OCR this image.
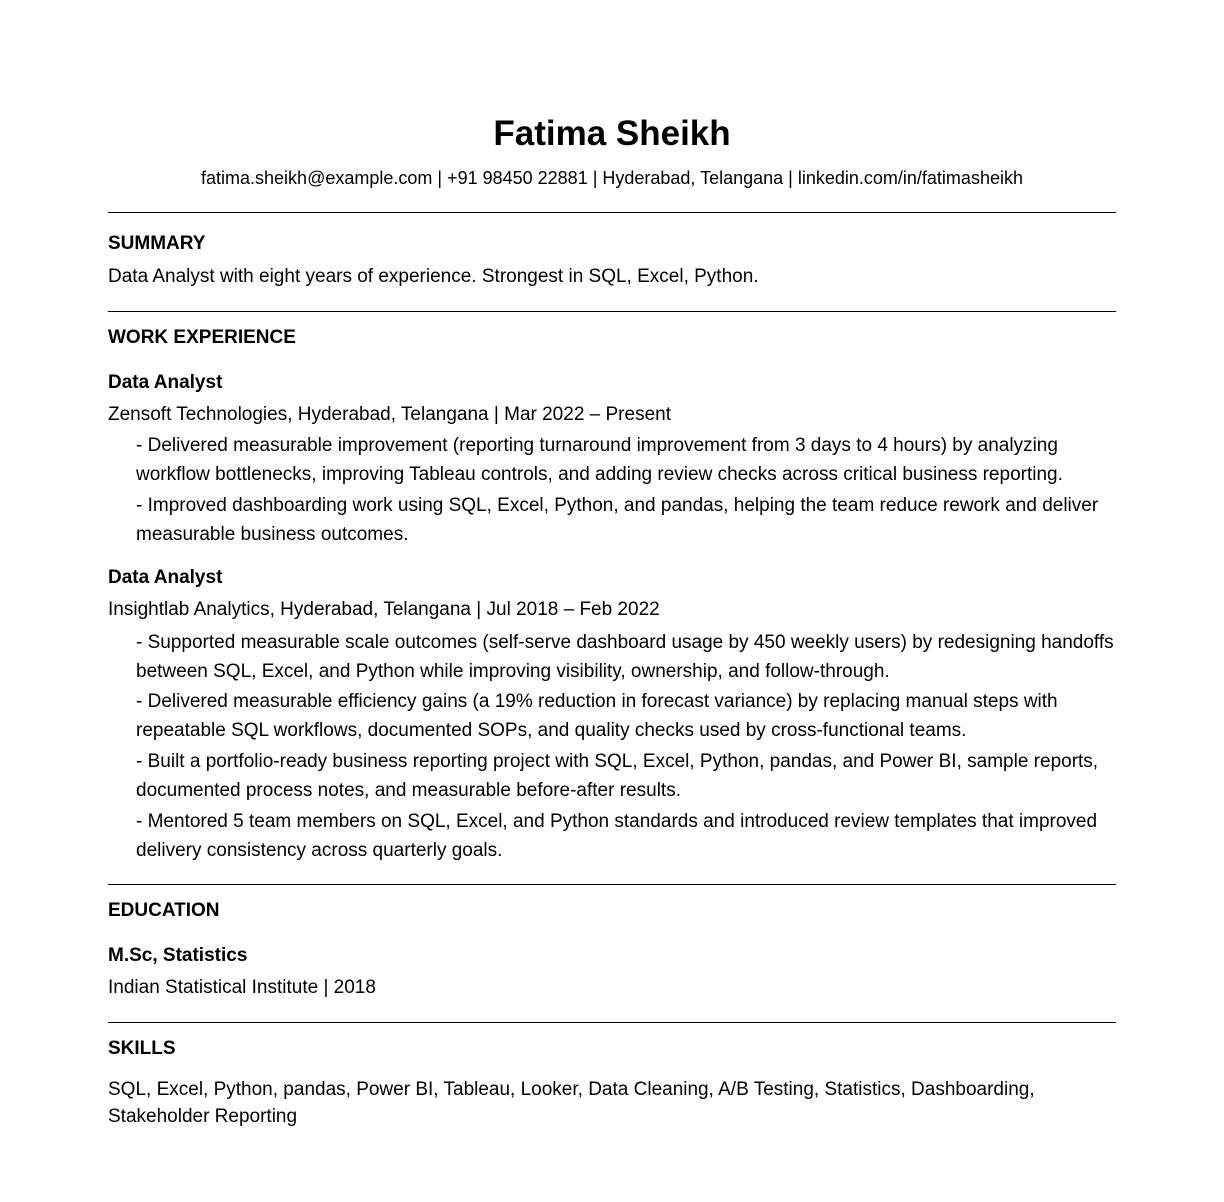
Fatima Sheikh
fatima.sheikh@example.com | +91 98450 22881 | Hyderabad, Telangana | linkedin.com/in/fatimasheikh
SUMMARY
Data Analyst with eight years of experience. Strongest in SQL, Excel, Python.
WORK EXPERIENCE
Data Analyst
Zensoft Technologies, Hyderabad, Telangana | Mar 2022 – Present
- Delivered measurable improvement (reporting turnaround improvement from 3 days to 4 hours) by analyzing workflow bottlenecks, improving Tableau controls, and adding review checks across critical business reporting.
- Improved dashboarding work using SQL, Excel, Python, and pandas, helping the team reduce rework and deliver measurable business outcomes.
Data Analyst
Insightlab Analytics, Hyderabad, Telangana | Jul 2018 – Feb 2022
- Supported measurable scale outcomes (self-serve dashboard usage by 450 weekly users) by redesigning handoffs between SQL, Excel, and Python while improving visibility, ownership, and follow-through.
- Delivered measurable efficiency gains (a 19% reduction in forecast variance) by replacing manual steps with repeatable SQL workflows, documented SOPs, and quality checks used by cross-functional teams.
- Built a portfolio-ready business reporting project with SQL, Excel, Python, pandas, and Power BI, sample reports, documented process notes, and measurable before-after results.
- Mentored 5 team members on SQL, Excel, and Python standards and introduced review templates that improved delivery consistency across quarterly goals.
EDUCATION
M.Sc, Statistics
Indian Statistical Institute | 2018
SKILLS
SQL, Excel, Python, pandas, Power BI, Tableau, Looker, Data Cleaning, A/B Testing, Statistics, Dashboarding, Stakeholder Reporting
